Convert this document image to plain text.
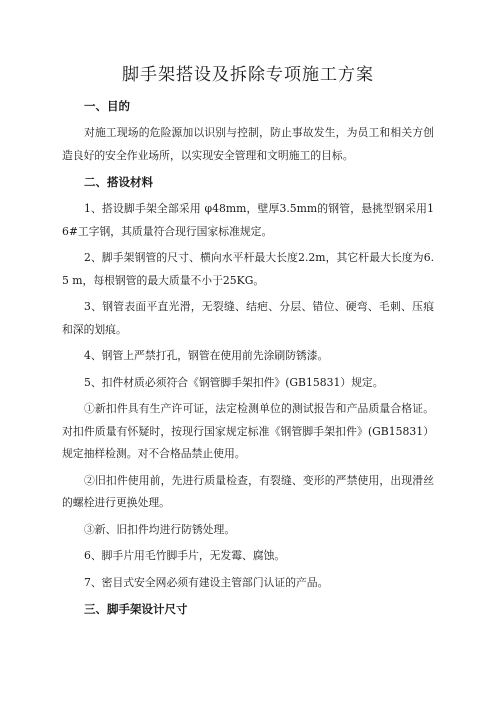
脚手架搭设及拆除专项施工方案
一、目的
对施工现场的危险源加以识别与控制，防止事故发生，为员工和相关方创造良好的安全作业场所，以实现安全管理和文明施工的目标。
二、搭设材料
1、搭设脚手架全部采用 φ48mm，壁厚3.5mm的钢管，悬挑型钢采用16#工字钢，其质量符合现行国家标准规定。
2、脚手架钢管的尺寸、横向水平杆最大长度2.2m，其它杆最大长度为6.5 m，每根钢管的最大质量不小于25KG。
3、钢管表面平直光滑，无裂缝、结疤、分层、错位、硬弯、毛刺、压痕和深的划痕。
4、钢管上严禁打孔，钢管在使用前先涂刷防锈漆。
5、扣件材质必须符合《钢管脚手架扣件》(GB15831）规定。
①新扣件具有生产许可证，法定检测单位的测试报告和产品质量合格证。对扣件质量有怀疑时，按现行国家规定标准《钢管脚手架扣件》(GB15831）规定抽样检测。对不合格品禁止使用。
②旧扣件使用前，先进行质量检查，有裂缝、变形的严禁使用，出现滑丝的螺栓进行更换处理。
③新、旧扣件均进行防锈处理。
6、脚手片用毛竹脚手片，无发霉、腐蚀。
7、密目式安全网必须有建设主管部门认证的产品。
三、脚手架设计尺寸
